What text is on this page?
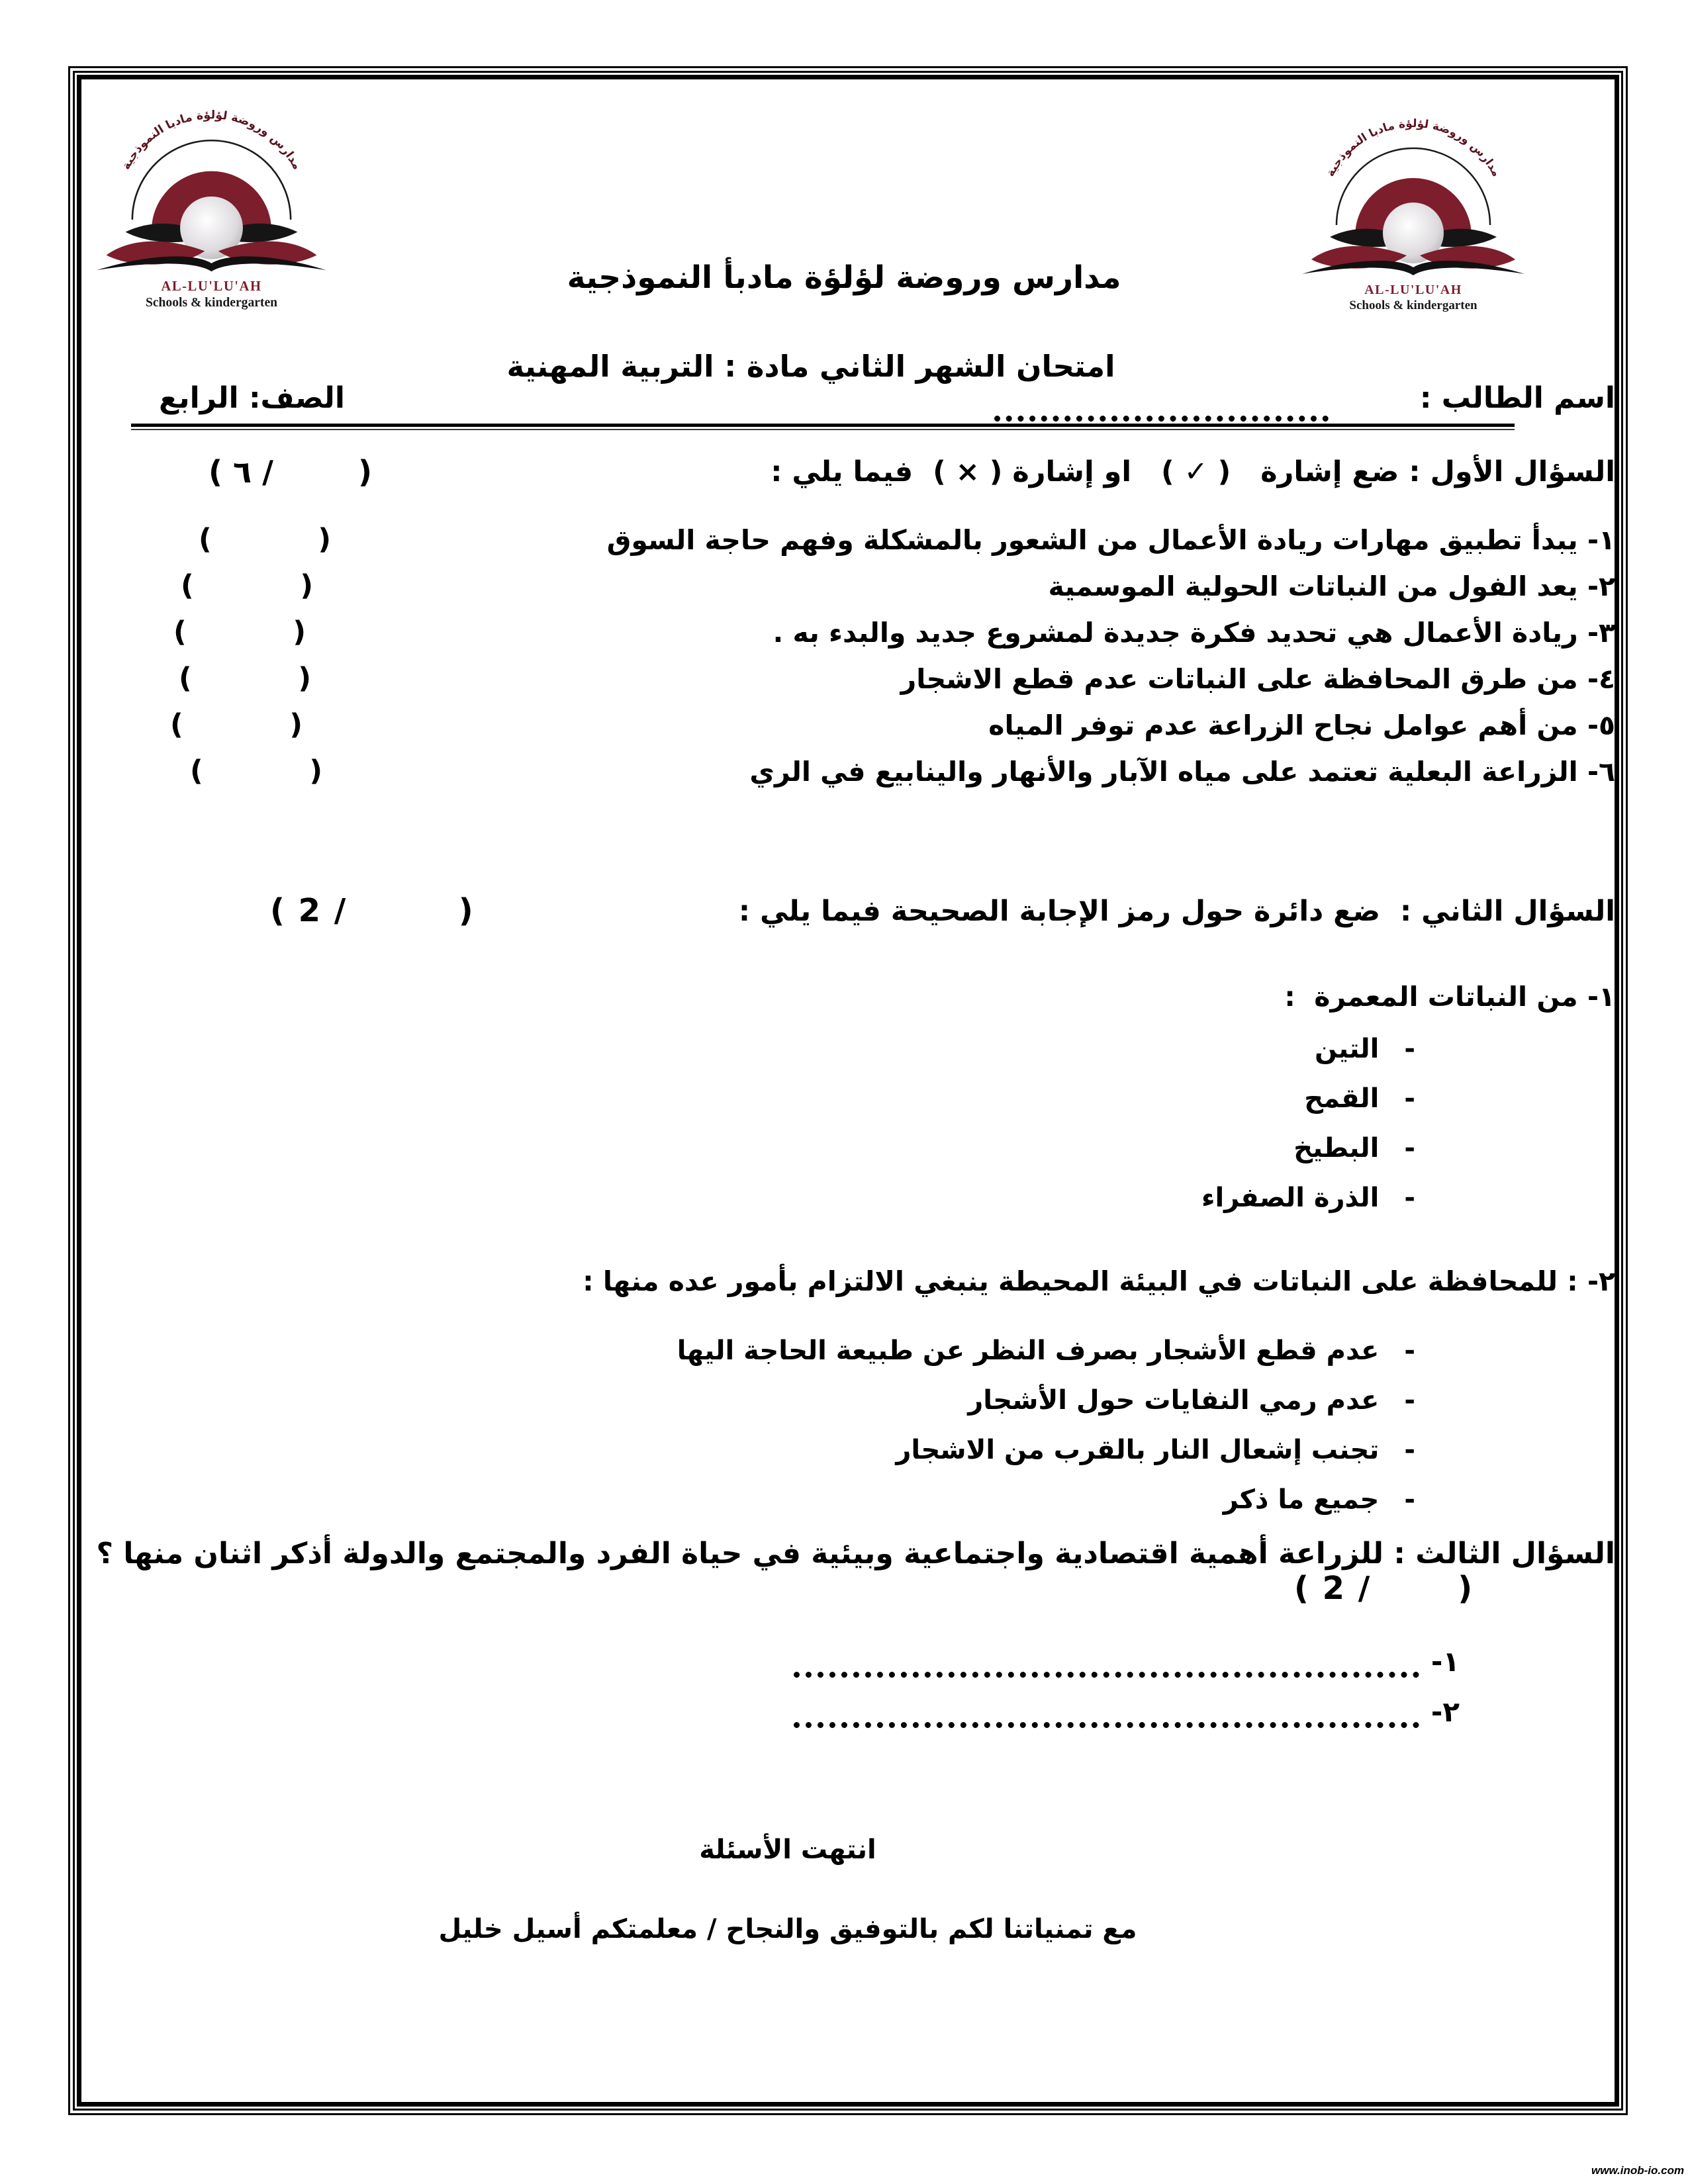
مدارس وروضة لؤلؤة مادبا النموذجية
AL-LU'LU'AH
Schools & kindergarten
مدارس وروضة لؤلؤة مادبا النموذجية
AL-LU'LU'AH
Schools & kindergarten
مدارس وروضة لؤلؤة مادبأ النموذجية
امتحان الشهر الثاني مادة : التربية المهنية
اسم الطالب :
الصف: الرابع
السؤال الأول : ضع إشارة   ( ✓ )   او إشارة ( × )  فيما يلي :
( ٦ /        )
١- يبدأ تطبيق مهارات ريادة الأعمال من الشعور بالمشكلة وفهم حاجة السوق
(          )
٢- يعد الفول من النباتات الحولية الموسمية
(          )
٣- ريادة الأعمال هي تحديد فكرة جديدة لمشروع جديد والبدء به .
(          )
٤- من طرق المحافظة على النباتات عدم قطع الاشجار
(          )
٥- من أهم عوامل نجاح الزراعة عدم توفر المياه
(          )
٦- الزراعة البعلية تعتمد على مياه الآبار والأنهار والينابيع في الري
(          )
السؤال الثاني :  ضع دائرة حول رمز الإجابة الصحيحة فيما يلي :
( 2 /         )
١- من النباتات المعمرة  :
-
التين
-
القمح
-
البطيخ
-
الذرة الصفراء
٢- : للمحافظة على النباتات في البيئة المحيطة ينبغي الالتزام بأمور عده منها :
-
عدم قطع الأشجار بصرف النظر عن طبيعة الحاجة اليها
-
عدم رمي النفايات حول الأشجار
-
تجنب إشعال النار بالقرب من الاشجار
-
جميع ما ذكر
السؤال الثالث : للزراعة أهمية اقتصادية واجتماعية وبيئية في حياة الفرد والمجتمع والدولة أذكر اثنان منها ؟
( 2 /       )
١-
٢-
انتهت الأسئلة
مع تمنياتنا لكم بالتوفيق والنجاح / معلمتكم أسيل خليل
www.inob-io.com
